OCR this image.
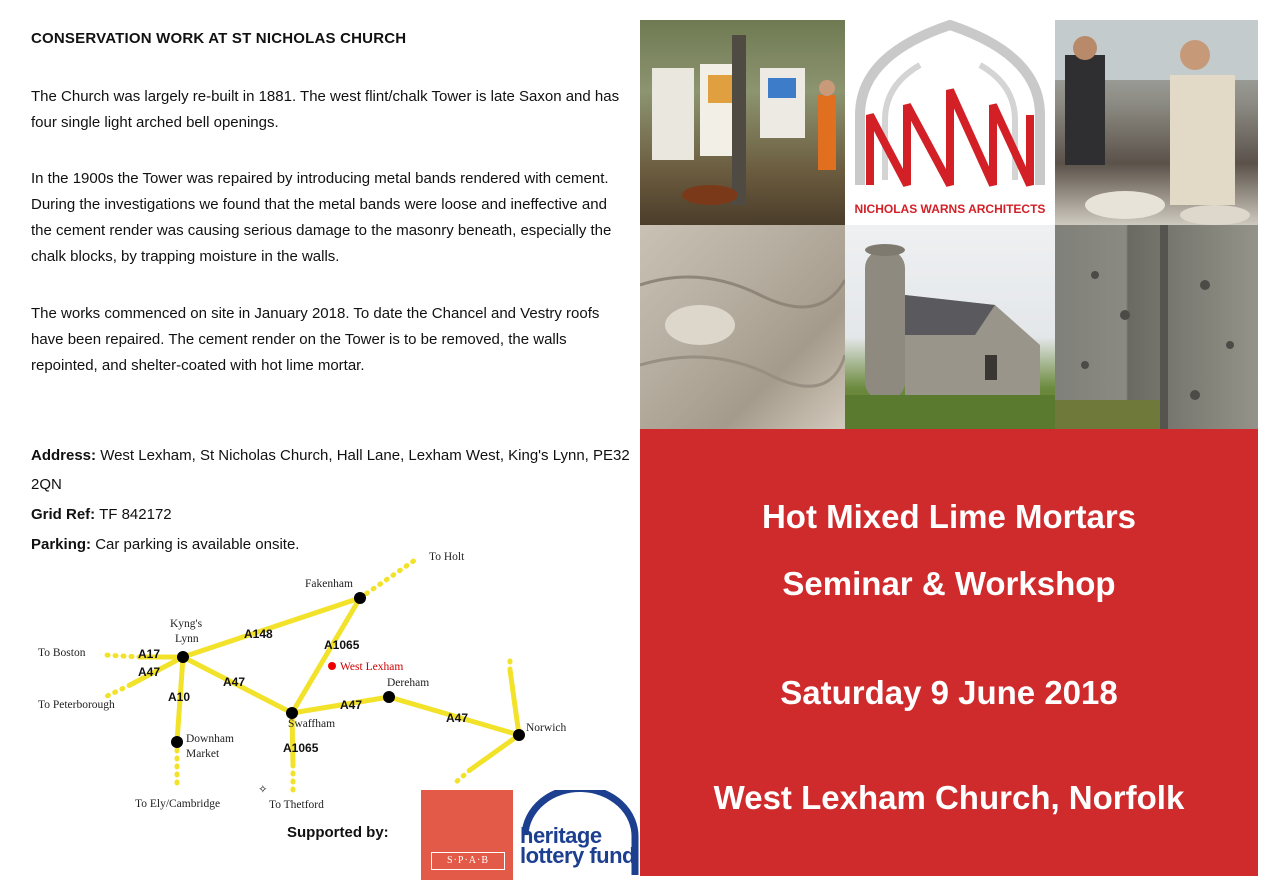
CONSERVATION WORK AT ST NICHOLAS CHURCH
The Church was largely re-built in 1881. The west flint/chalk Tower is late Saxon and has four single light arched bell openings.
In the 1900s the Tower was repaired by introducing metal bands rendered with cement. During the investigations we found that the metal bands were loose and ineffective and the cement render was causing serious damage to the masonry beneath, especially the chalk blocks, by trapping moisture in the walls.
The works commenced on site in January 2018. To date the Chancel and Vestry roofs have been repaired. The cement render on the Tower is to be removed, the walls repointed, and shelter-coated with hot lime mortar.
Address: West Lexham, St Nicholas Church, Hall Lane, Lexham West, King's Lynn, PE32 2QN
Grid Ref: TF 842172
Parking: Car parking is available onsite.
To Holt
Fakenham
Kyng's
Lynn
To Boston
To Peterborough
West Lexham
Dereham
Swaffham	Norwich
Downham
Market
To Ely/Cambridge	To Thetford
✧
A17
A47
A148
A1065
A10
A47
A47
A47
A1065
Supported by:
S·P·A·B
heritage
lottery fund
NICHOLAS WARNS ARCHITECTS
Hot Mixed Lime Mortars
Seminar & Workshop
Saturday 9 June 2018
West Lexham Church, Norfolk
